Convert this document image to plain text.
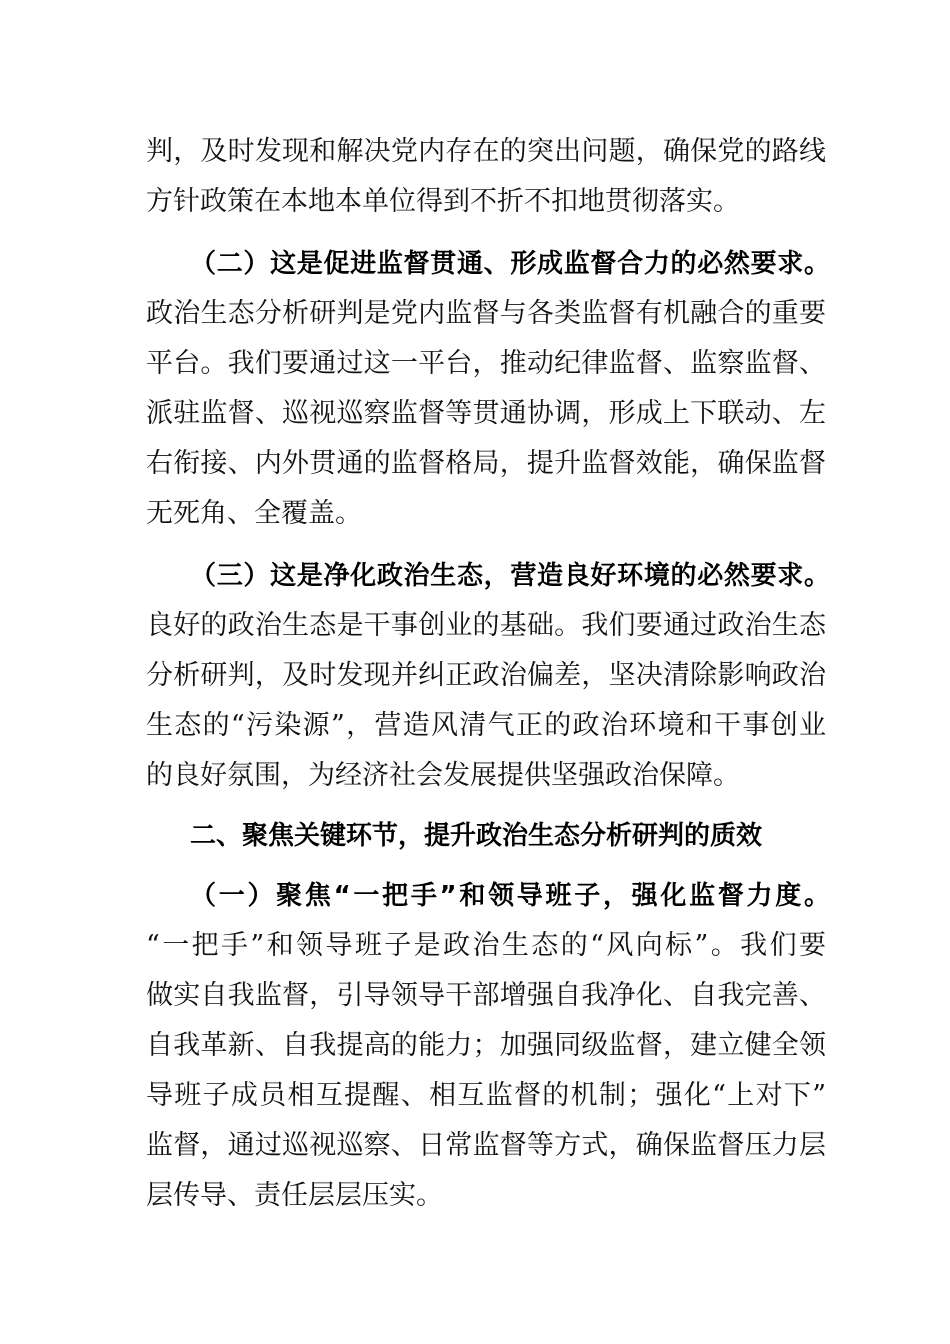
判，及时发现和解决党内存在的突出问题，确保党的路线
方针政策在本地本单位得到不折不扣地贯彻落实。
（二）这是促进监督贯通、形成监督合力的必然要求。
政治生态分析研判是党内监督与各类监督有机融合的重要
平台。我们要通过这一平台，推动纪律监督、监察监督、
派驻监督、巡视巡察监督等贯通协调，形成上下联动、左
右衔接、内外贯通的监督格局，提升监督效能，确保监督
无死角、全覆盖。
（三）这是净化政治生态，营造良好环境的必然要求。
良好的政治生态是干事创业的基础。我们要通过政治生态
分析研判，及时发现并纠正政治偏差，坚决清除影响政治
生态的“污染源”，营造风清气正的政治环境和干事创业
的良好氛围，为经济社会发展提供坚强政治保障。
二、聚焦关键环节，提升政治生态分析研判的质效
（一）聚焦“一把手”和领导班子，强化监督力度。
“一把手”和领导班子是政治生态的“风向标”。我们要
做实自我监督，引导领导干部增强自我净化、自我完善、
自我革新、自我提高的能力；加强同级监督，建立健全领
导班子成员相互提醒、相互监督的机制；强化“上对下”
监督，通过巡视巡察、日常监督等方式，确保监督压力层
层传导、责任层层压实。
